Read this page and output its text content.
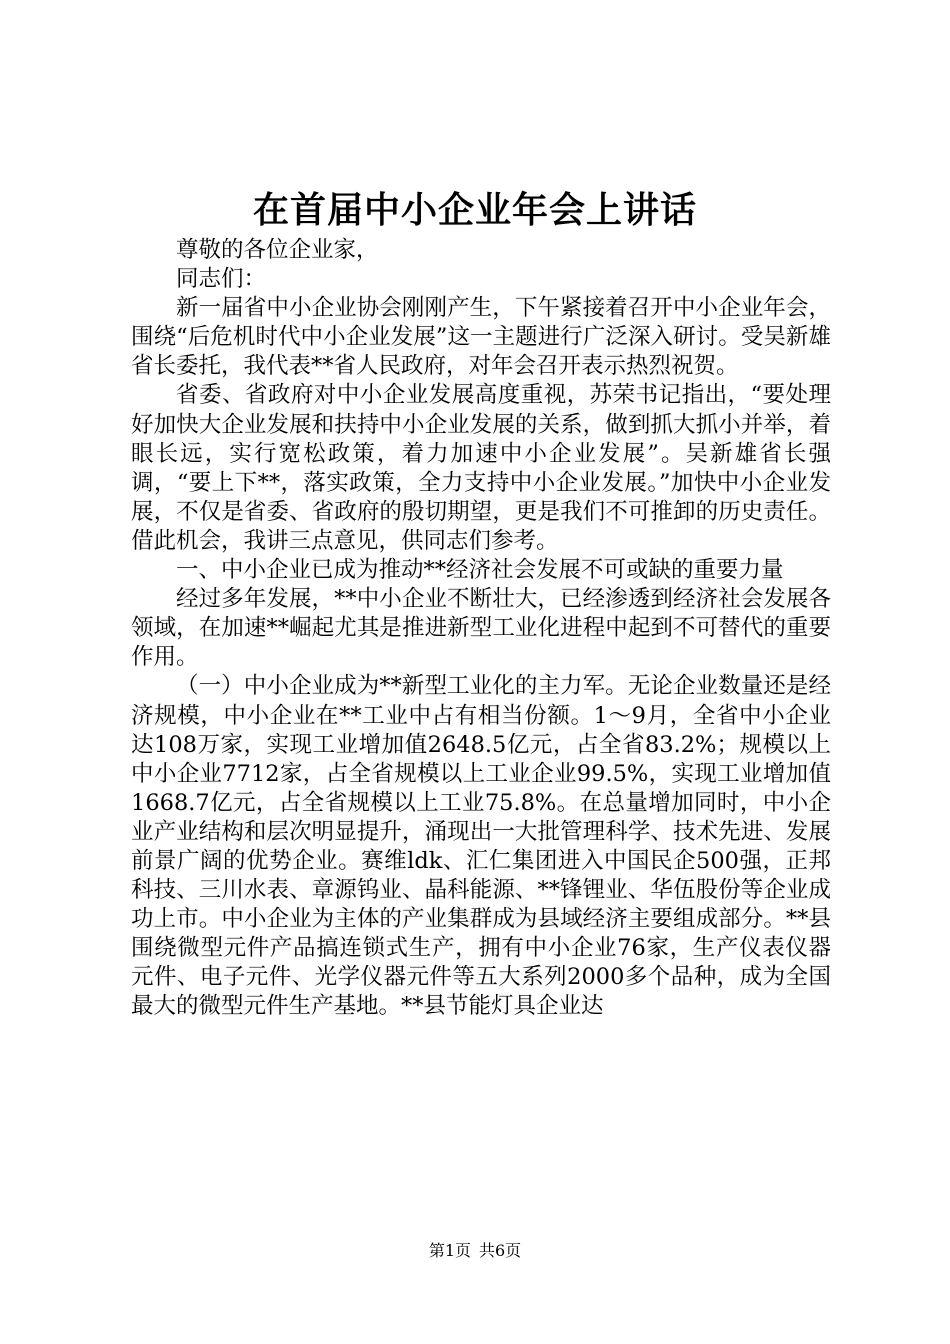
在首届中小企业年会上讲话

尊敬的各位企业家，

同志们：

新一届省中小企业协会刚刚产生，下午紧接着召开中小企业年会，围绕“后危机时代中小企业发展”这一主题进行广泛深入研讨。受吴新雄省长委托，我代表**省人民政府，对年会召开表示热烈祝贺。

省委、省政府对中小企业发展高度重视，苏荣书记指出，“要处理好加快大企业发展和扶持中小企业发展的关系，做到抓大抓小并举，着眼长远，实行宽松政策，着力加速中小企业发展”。吴新雄省长强调，“要上下**，落实政策，全力支持中小企业发展。”加快中小企业发展，不仅是省委、省政府的殷切期望，更是我们不可推卸的历史责任。借此机会，我讲三点意见，供同志们参考。

一、中小企业已成为推动**经济社会发展不可或缺的重要力量

经过多年发展，**中小企业不断壮大，已经渗透到经济社会发展各领域，在加速**崛起尤其是推进新型工业化进程中起到不可替代的重要作用。

（一）中小企业成为**新型工业化的主力军。无论企业数量还是经济规模，中小企业在**工业中占有相当份额。1～9月，全省中小企业达108万家，实现工业增加值2648.5亿元，占全省83.2%；规模以上中小企业7712家，占全省规模以上工业企业99.5%，实现工业增加值1668.7亿元，占全省规模以上工业75.8%。在总量增加同时，中小企业产业结构和层次明显提升，涌现出一大批管理科学、技术先进、发展前景广阔的优势企业。赛维ldk、汇仁集团进入中国民企500强，正邦科技、三川水表、章源钨业、晶科能源、**锋锂业、华伍股份等企业成功上市。中小企业为主体的产业集群成为县域经济主要组成部分。**县围绕微型元件产品搞连锁式生产，拥有中小企业76家，生产仪表仪器元件、电子元件、光学仪器元件等五大系列2000多个品种，成为全国最大的微型元件生产基地。**县节能灯具企业达

第1页 共6页
